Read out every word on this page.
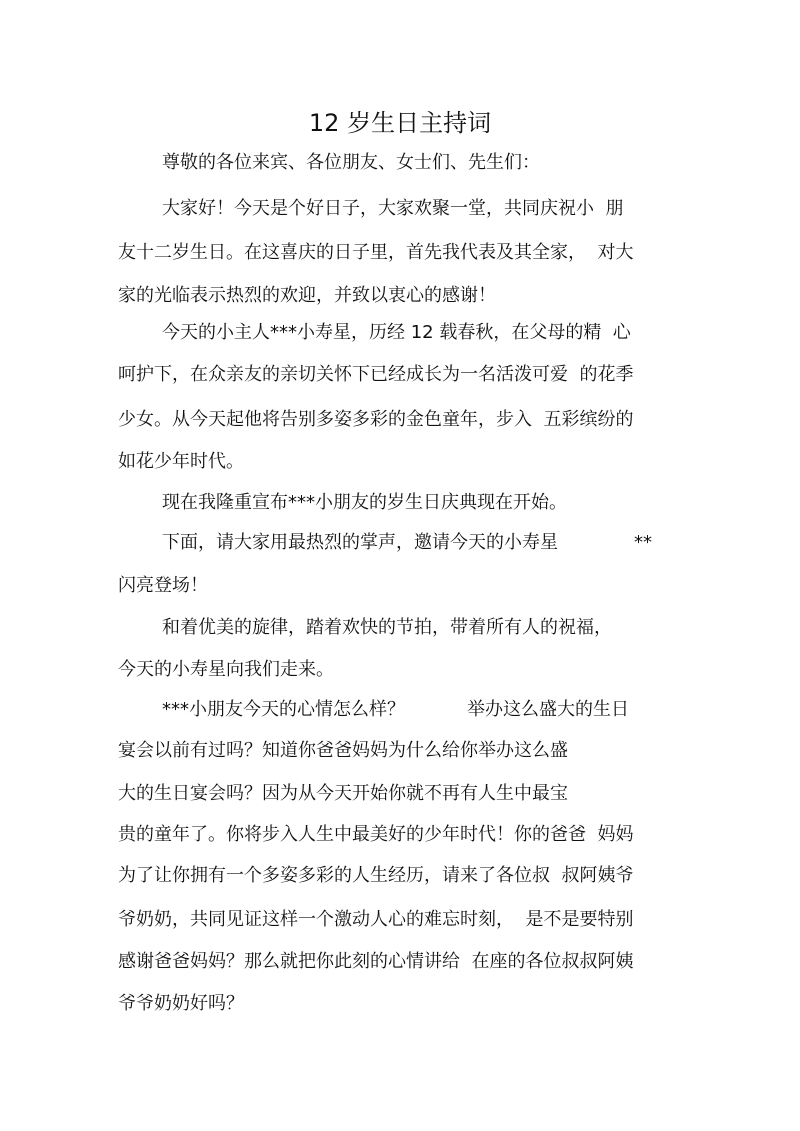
12 岁生日主持词
尊敬的各位来宾、各位朋友、女士们、先生们：
大家好！今天是个好日子，大家欢聚一堂，共同庆祝小  朋
友十二岁生日。在这喜庆的日子里，首先我代表及其全家，  对大
家的光临表示热烈的欢迎，并致以衷心的感谢！
今天的小主人***小寿星，历经 12 载春秋，在父母的精  心
呵护下，在众亲友的亲切关怀下已经成长为一名活泼可爱  的花季
少女。从今天起他将告别多姿多彩的金色童年，步入  五彩缤纷的
如花少年时代。
现在我隆重宣布***小朋友的岁生日庆典现在开始。
下面，请大家用最热烈的掌声，邀请今天的小寿星	**
闪亮登场！
和着优美的旋律，踏着欢快的节拍，带着所有人的祝福，
今天的小寿星向我们走来。
***小朋友今天的心情怎么样？	举办这么盛大的生日
宴会以前有过吗？知道你爸爸妈妈为什么给你举办这么盛
大的生日宴会吗？因为从今天开始你就不再有人生中最宝
贵的童年了。你将步入人生中最美好的少年时代！你的爸爸  妈妈
为了让你拥有一个多姿多彩的人生经历，请来了各位叔  叔阿姨爷
爷奶奶，共同见证这样一个激动人心的难忘时刻，  是不是要特别
感谢爸爸妈妈？那么就把你此刻的心情讲给  在座的各位叔叔阿姨
爷爷奶奶好吗？
